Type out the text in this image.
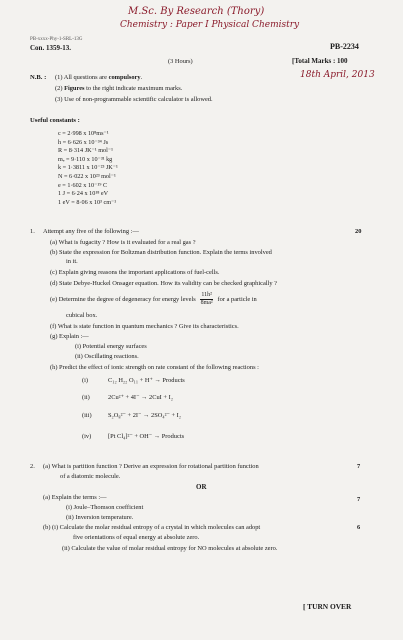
M.Sc. By Research (Thory)
Chemistry : Paper I Physical Chemistry
18th April, 2013
PB-xxxx-Phy-1-SRL-13G
Con. 1359-13.	PB-2234
(3 Hours)	[Total Marks : 100
N.B. : (1) All questions are compulsory.
(2) Figures to the right indicate maximum marks.
(3) Use of non-programmable scientific calculator is allowed.
Useful constants :
c = 2·998 x 10⁸ms⁻¹
h = 6·626 x 10⁻³⁴ Js
R = 8·314 JK⁻¹ mol⁻¹
mₑ = 9·110 x 10⁻³¹ kg
k = 1·3811 x 10⁻²³ JK⁻¹
N = 6·022 x 10²³ mol⁻¹
e = 1·602 x 10⁻¹⁹ C
1 J = 6·24 x 10¹⁸ eV
1 eV = 8·06 x 10³ cm⁻¹
1. Attempt any five of the following :—	20
(a) What is fugacity ? How is it evaluated for a real gas ?
(b) State the expression for Boltzman distribution function. Explain the terms involved
in it.
(c) Explain giving reasons the important applications of fuel-cells.
(d) State Debye-Huckel Onsager equation. How its validity can be checked graphically ?
(e) Determine the degree of degeneracy for energy levels $\frac{\text{11h²}}{\text{8ma²}}$ for a particle in
cubical box.
(f) What is state function in quantum mechanics ? Give its characteristics.
(g) Explain :—
(i) Potential energy surfaces
(ii) Oscillating reactions.
(h) Predict the effect of ionic strength on rate constant of the following reactions :
(i)	C₁₂ H₂₂ O₁₁ + H⁺ → Products
(ii)	2Cu²⁺ + 4I⁻ → 2CuI + I₂
(iii)	S₂O₈²⁻ + 2I⁻ → 2SO₄²⁻ + I₂
(iv)	[Pt Cl₄]²⁻ + OH⁻ → Products
2. (a) What is partition function ? Derive an expression for rotational partition function	7
of a diatomic molecule.
OR
(a) Explain the terms :—	7
(i) Joule–Thomson coefficient
(ii) Inversion temperature.
(b) (i) Calculate the molar residual entropy of a crystal in which molecules can adopt	6
five orientations of equal energy at absolute zero.
(ii) Calculate the value of molar residual entropy for NO molecules at absolute zero.
[ TURN OVER
